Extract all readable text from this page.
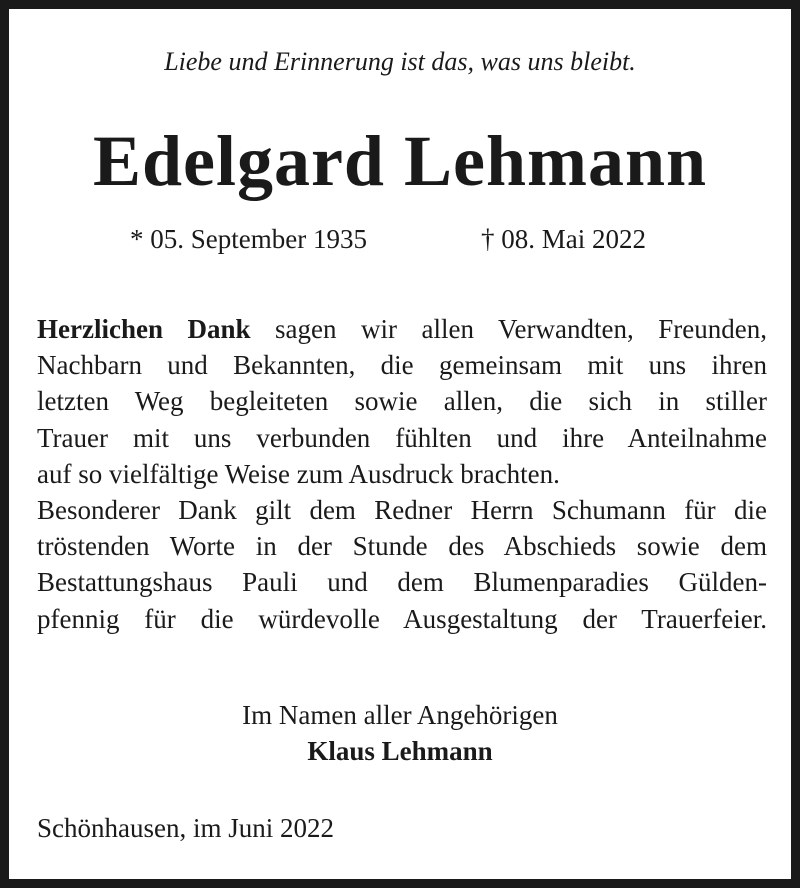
Liebe und Erinnerung ist das, was uns bleibt.
Edelgard Lehmann
* 05. September 1935	† 08. Mai 2022
Herzlichen Dank sagen wir allen Verwandten, Freunden,
Nachbarn und Bekannten, die gemeinsam mit uns ihren
letzten Weg begleiteten sowie allen, die sich in stiller
Trauer mit uns verbunden fühlten und ihre Anteilnahme
auf so vielfältige Weise zum Ausdruck brachten.
Besonderer Dank gilt dem Redner Herrn Schumann für die
tröstenden Worte in der Stunde des Abschieds sowie dem
Bestattungshaus Pauli und dem Blumenparadies Gülden-
pfennig für die würdevolle Ausgestaltung der Trauerfeier.
Im Namen aller Angehörigen
Klaus Lehmann
Schönhausen, im Juni 2022
